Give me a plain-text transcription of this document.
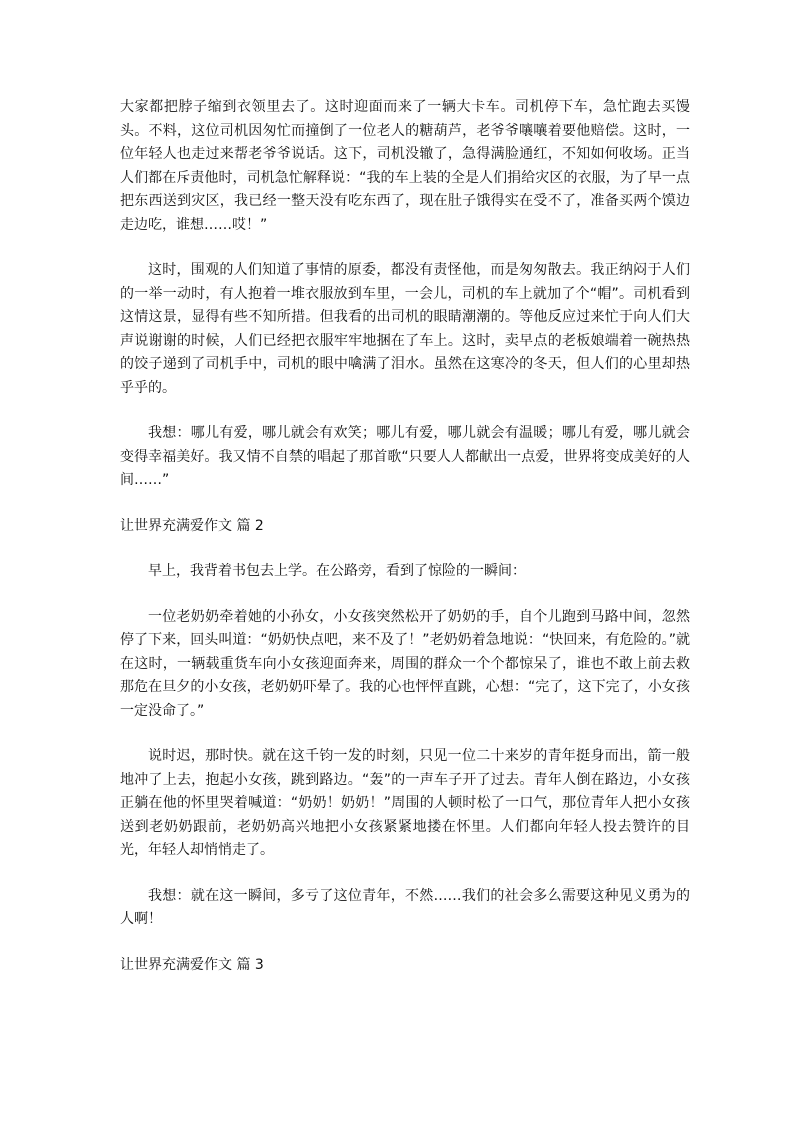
大家都把脖子缩到衣领里去了。这时迎面而来了一辆大卡车。司机停下车，急忙跑去买馒头。不料，这位司机因匆忙而撞倒了一位老人的糖葫芦，老爷爷嚷嚷着要他赔偿。这时，一位年轻人也走过来帮老爷爷说话。这下，司机没辙了，急得满脸通红，不知如何收场。正当人们都在斥责他时，司机急忙解释说：“我的车上装的全是人们捐给灾区的衣服，为了早一点把东西送到灾区，我已经一整天没有吃东西了，现在肚子饿得实在受不了，准备买两个馍边走边吃，谁想……哎！”

这时，围观的人们知道了事情的原委，都没有责怪他，而是匆匆散去。我正纳闷于人们的一举一动时，有人抱着一堆衣服放到车里，一会儿，司机的车上就加了个“帽”。司机看到这情这景，显得有些不知所措。但我看的出司机的眼睛潮潮的。等他反应过来忙于向人们大声说谢谢的时候，人们已经把衣服牢牢地捆在了车上。这时，卖早点的老板娘端着一碗热热的饺子递到了司机手中，司机的眼中噙满了泪水。虽然在这寒冷的冬天，但人们的心里却热乎乎的。

我想：哪儿有爱，哪儿就会有欢笑；哪儿有爱，哪儿就会有温暖；哪儿有爱，哪儿就会变得幸福美好。我又情不自禁的唱起了那首歌“只要人人都献出一点爱，世界将变成美好的人间……”

让世界充满爱作文 篇 2

早上，我背着书包去上学。在公路旁，看到了惊险的一瞬间：

一位老奶奶牵着她的小孙女，小女孩突然松开了奶奶的手，自个儿跑到马路中间，忽然停了下来，回头叫道：“奶奶快点吧，来不及了！”老奶奶着急地说：“快回来，有危险的。”就在这时，一辆载重货车向小女孩迎面奔来，周围的群众一个个都惊呆了，谁也不敢上前去救那危在旦夕的小女孩，老奶奶吓晕了。我的心也怦怦直跳，心想：“完了，这下完了，小女孩一定没命了。”

说时迟，那时快。就在这千钧一发的时刻，只见一位二十来岁的青年挺身而出，箭一般地冲了上去，抱起小女孩，跳到路边。“轰”的一声车子开了过去。青年人倒在路边，小女孩正躺在他的怀里哭着喊道：“奶奶！奶奶！”周围的人顿时松了一口气，那位青年人把小女孩送到老奶奶跟前，老奶奶高兴地把小女孩紧紧地搂在怀里。人们都向年轻人投去赞许的目光，年轻人却悄悄走了。

我想：就在这一瞬间，多亏了这位青年，不然……我们的社会多么需要这种见义勇为的人啊！

让世界充满爱作文 篇 3
